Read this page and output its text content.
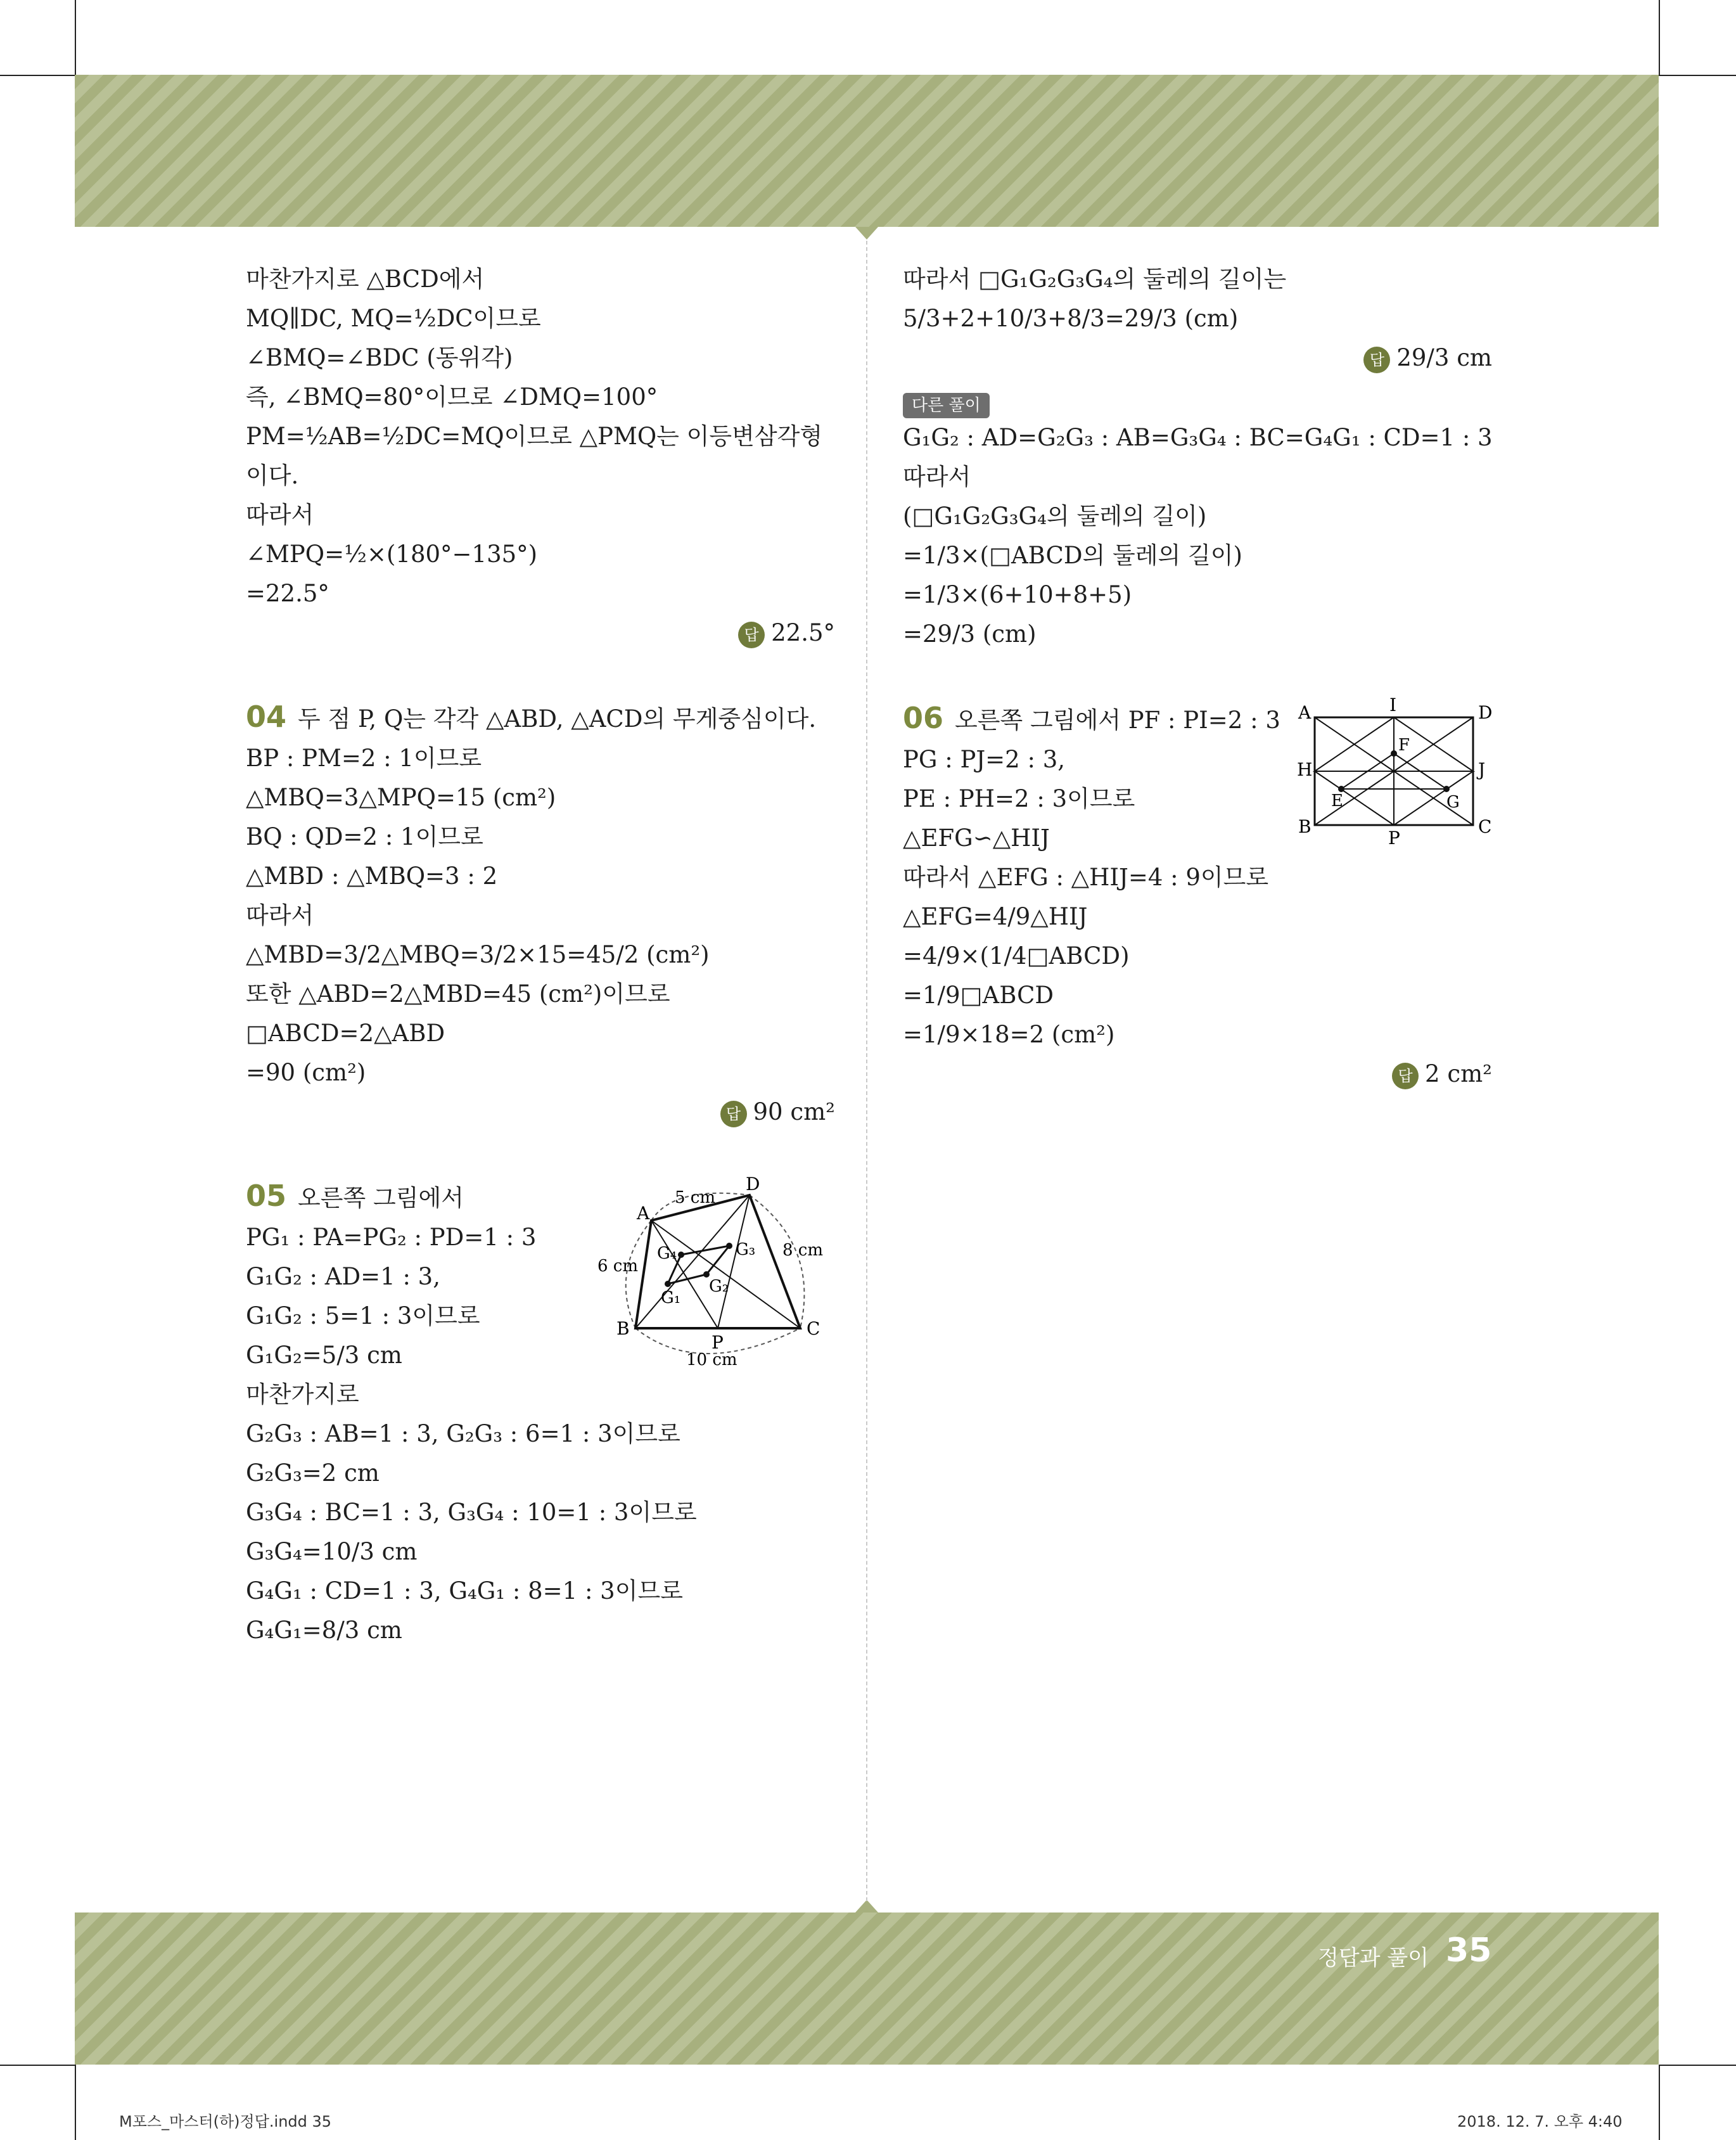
마찬가지로 △BCD에서
MQ∥DC, MQ=½DC이므로
∠BMQ=∠BDC (동위각)
즉, ∠BMQ=80°이므로 ∠DMQ=100°
PM=½AB=½DC=MQ이므로 △PMQ는 이등변삼각형
이다.
따라서
∠MPQ=½×(180°−135°)
=22.5°
답 22.5°
04 두 점 P, Q는 각각 △ABD, △ACD의 무게중심이다.
BP : PM=2 : 1이므로
△MBQ=3△MPQ=15 (cm²)
BQ : QD=2 : 1이므로
△MBD : △MBQ=3 : 2
따라서
△MBD=3/2△MBQ=3/2×15=45/2 (cm²)
또한 △ABD=2△MBD=45 (cm²)이므로
□ABCD=2△ABD
=90 (cm²)
답 90 cm²
05 오른쪽 그림에서
PG₁ : PA=PG₂ : PD=1 : 3
G₁G₂ : AD=1 : 3,
G₁G₂ : 5=1 : 3이므로
G₁G₂=5/3 cm
마찬가지로
G₂G₃ : AB=1 : 3, G₂G₃ : 6=1 : 3이므로
G₂G₃=2 cm
G₃G₄ : BC=1 : 3, G₃G₄ : 10=1 : 3이므로
G₃G₄=10/3 cm
G₄G₁ : CD=1 : 3, G₄G₁ : 8=1 : 3이므로
G₄G₁=8/3 cm
A
B	C
D
P
G₁
G₂
G₃
G₄
5 cm
6 cm
8 cm
10 cm
따라서 □G₁G₂G₃G₄의 둘레의 길이는
5/3+2+10/3+8/3=29/3 (cm)
답 29/3 cm
다른 풀이
G₁G₂ : AD=G₂G₃ : AB=G₃G₄ : BC=G₄G₁ : CD=1 : 3
따라서
(□G₁G₂G₃G₄의 둘레의 길이)
=1/3×(□ABCD의 둘레의 길이)
=1/3×(6+10+8+5)
=29/3 (cm)
06 오른쪽 그림에서 PF : PI=2 : 3
PG : PJ=2 : 3,
PE : PH=2 : 3이므로
△EFG∽△HIJ
따라서 △EFG : △HIJ=4 : 9이므로
△EFG=4/9△HIJ
=4/9×(1/4□ABCD)
=1/9□ABCD
=1/9×18=2 (cm²)
답 2 cm²
A
B	C
D
E
F
G
H
I
J
P
정답과 풀이 35
M포스_마스터(하)정답.indd 35	2018. 12. 7. 오후 4:40
